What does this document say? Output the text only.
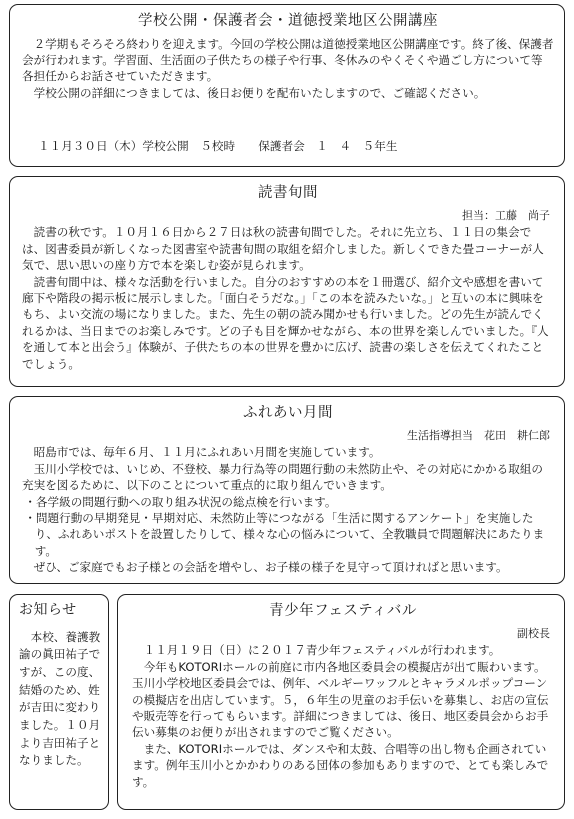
学校公開・保護者会・道徳授業地区公開講座

２学期もそろそろ終わりを迎えます。今回の学校公開は道徳授業地区公開講座です。終了後、保護者会が行われます。学習面、生活面の子供たちの様子や行事、冬休みのやくそくや過ごし方について等各担任からお話させていただきます。

学校公開の詳細につきましては、後日お便りを配布いたしますので、ご確認ください。

１１月３０日（木）学校公開　５校時　　保護者会　１　４　５年生

読書旬間
担当：工藤　尚子

読書の秋です。１０月１６日から２７日は秋の読書旬間でした。それに先立ち、１１日の集会では、図書委員が新しくなった図書室や読書旬間の取組を紹介しました。新しくできた畳コーナーが人気で、思い思いの座り方で本を楽しむ姿が見られます。

読書旬間中は、様々な活動を行いました。自分のおすすめの本を１冊選び、紹介文や感想を書いて廊下や階段の掲示板に展示しました。「面白そうだな。」「この本を読みたいな。」と互いの本に興味をもち、よい交流の場になりました。また、先生の朝の読み聞かせも行いました。どの先生が読んでくれるかは、当日までのお楽しみです。どの子も目を輝かせながら、本の世界を楽しんでいました。『人を通して本と出会う』体験が、子供たちの本の世界を豊かに広げ、読書の楽しさを伝えてくれたことでしょう。

ふれあい月間
生活指導担当　花田　耕仁郎

昭島市では、毎年６月、１１月にふれあい月間を実施しています。

玉川小学校では、いじめ、不登校、暴力行為等の問題行動の未然防止や、その対応にかかる取組の充実を図るために、以下のことについて重点的に取り組んでいきます。

・ 各学級の問題行動への取り組み状況の総点検を行います。
・ 問題行動の早期発見・早期対応、未然防止等につながる「生活に関するアンケート」を実施したり、ふれあいポストを設置したりして、様々な心の悩みについて、全教職員で問題解決にあたります。

ぜひ、ご家庭でもお子様との会話を増やし、お子様の様子を見守って頂ければと思います。

お知らせ

本校、養護教諭の眞田祐子ですが、この度、結婚のため、姓が吉田に変わりました。１０月より吉田祐子となりました。

青少年フェスティバル
副校長

１１月１９日（日）に２０１７青少年フェスティバルが行われます。

今年もKOTORIホールの前庭に市内各地区委員会の模擬店が出て賑わいます。玉川小学校地区委員会では、例年、ベルギーワッフルとキャラメルポップコーンの模擬店を出店しています。５，６年生の児童のお手伝いを募集し、お店の宣伝や販売等を行ってもらいます。詳細につきましては、後日、地区委員会からお手伝い募集のお便りが出されますのでご覧ください。

また、KOTORIホールでは、ダンスや和太鼓、合唱等の出し物も企画されています。例年玉川小とかかわりのある団体の参加もありますので、とても楽しみです。
